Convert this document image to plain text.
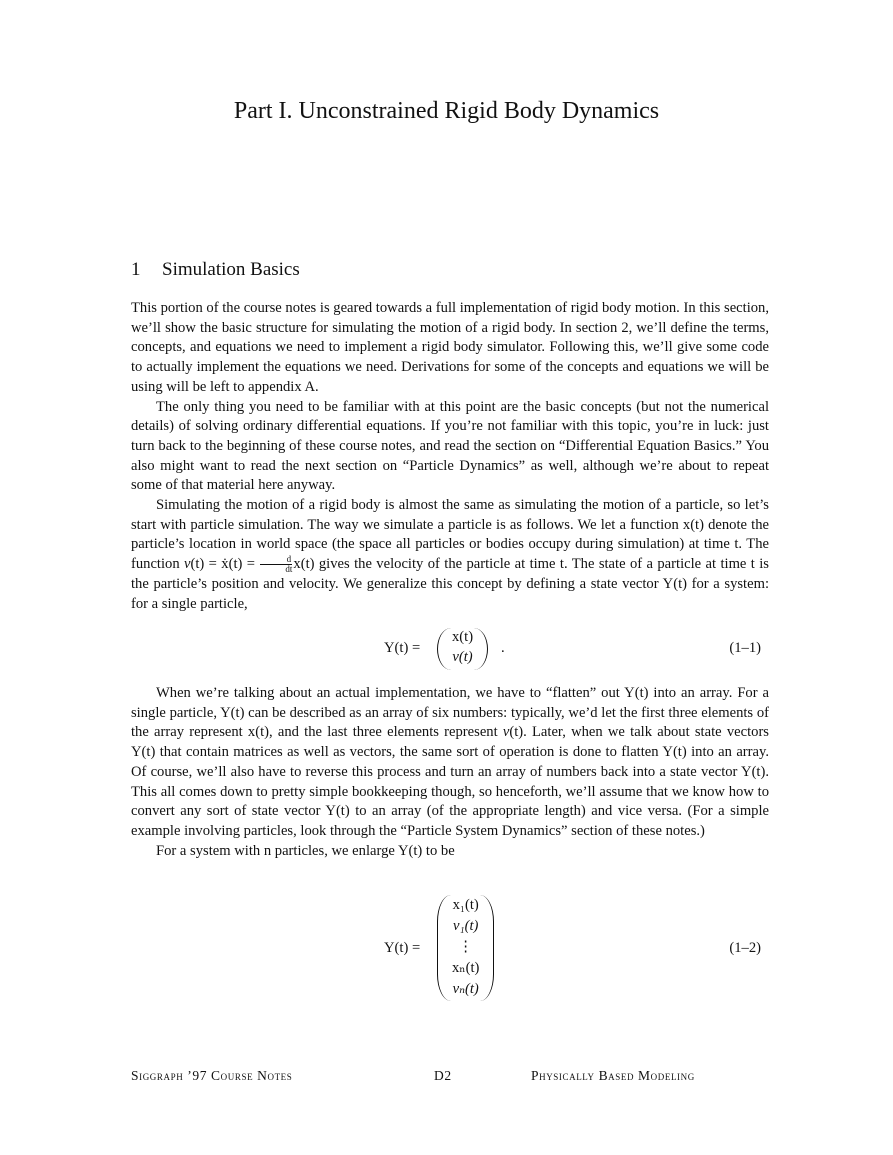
Part I. Unconstrained Rigid Body Dynamics
1 Simulation Basics

This portion of the course notes is geared towards a full implementation of rigid body motion. In this section, we’ll show the basic structure for simulating the motion of a rigid body. In section 2, we’ll define the terms, concepts, and equations we need to implement a rigid body simulator. Following this, we’ll give some code to actually implement the equations we need. Derivations for some of the concepts and equations we will be using will be left to appendix A.

The only thing you need to be familiar with at this point are the basic concepts (but not the numerical details) of solving ordinary differential equations. If you’re not familiar with this topic, you’re in luck: just turn back to the beginning of these course notes, and read the section on “Differential Equation Basics.” You also might want to read the next section on “Particle Dynamics” as well, although we’re about to repeat some of that material here anyway.

Simulating the motion of a rigid body is almost the same as simulating the motion of a particle, so let’s start with particle simulation. The way we simulate a particle is as follows. We let a function x(t) denote the particle’s location in world space (the space all particles or bodies occupy during simulation) at time t. The function v(t) = ẋ(t) = $\frac{d}{dt} x(t)$ gives the velocity of the particle at time t. The state of a particle at time t is the particle’s position and velocity. We generalize this concept by defining a state vector Y(t) for a system: for a single particle,

Y(t) =
x(t)
v(t)
.	(1–1)

When we’re talking about an actual implementation, we have to “flatten” out Y(t) into an array. For a single particle, Y(t) can be described as an array of six numbers: typically, we’d let the first three elements of the array represent x(t), and the last three elements represent v(t). Later, when we talk about state vectors Y(t) that contain matrices as well as vectors, the same sort of operation is done to flatten Y(t) into an array. Of course, we’ll also have to reverse this process and turn an array of numbers back into a state vector Y(t). This all comes down to pretty simple bookkeeping though, so henceforth, we’ll assume that we know how to convert any sort of state vector Y(t) to an array (of the appropriate length) and vice versa. (For a simple example involving particles, look through the “Particle System Dynamics” section of these notes.)

For a system with n particles, we enlarge Y(t) to be

Y(t) =
x₁(t)
v₁(t)
⋮
xₙ(t)
vₙ(t)
(1–2)
Siggraph ’97 Course Notes	D2	Physically Based Modeling
